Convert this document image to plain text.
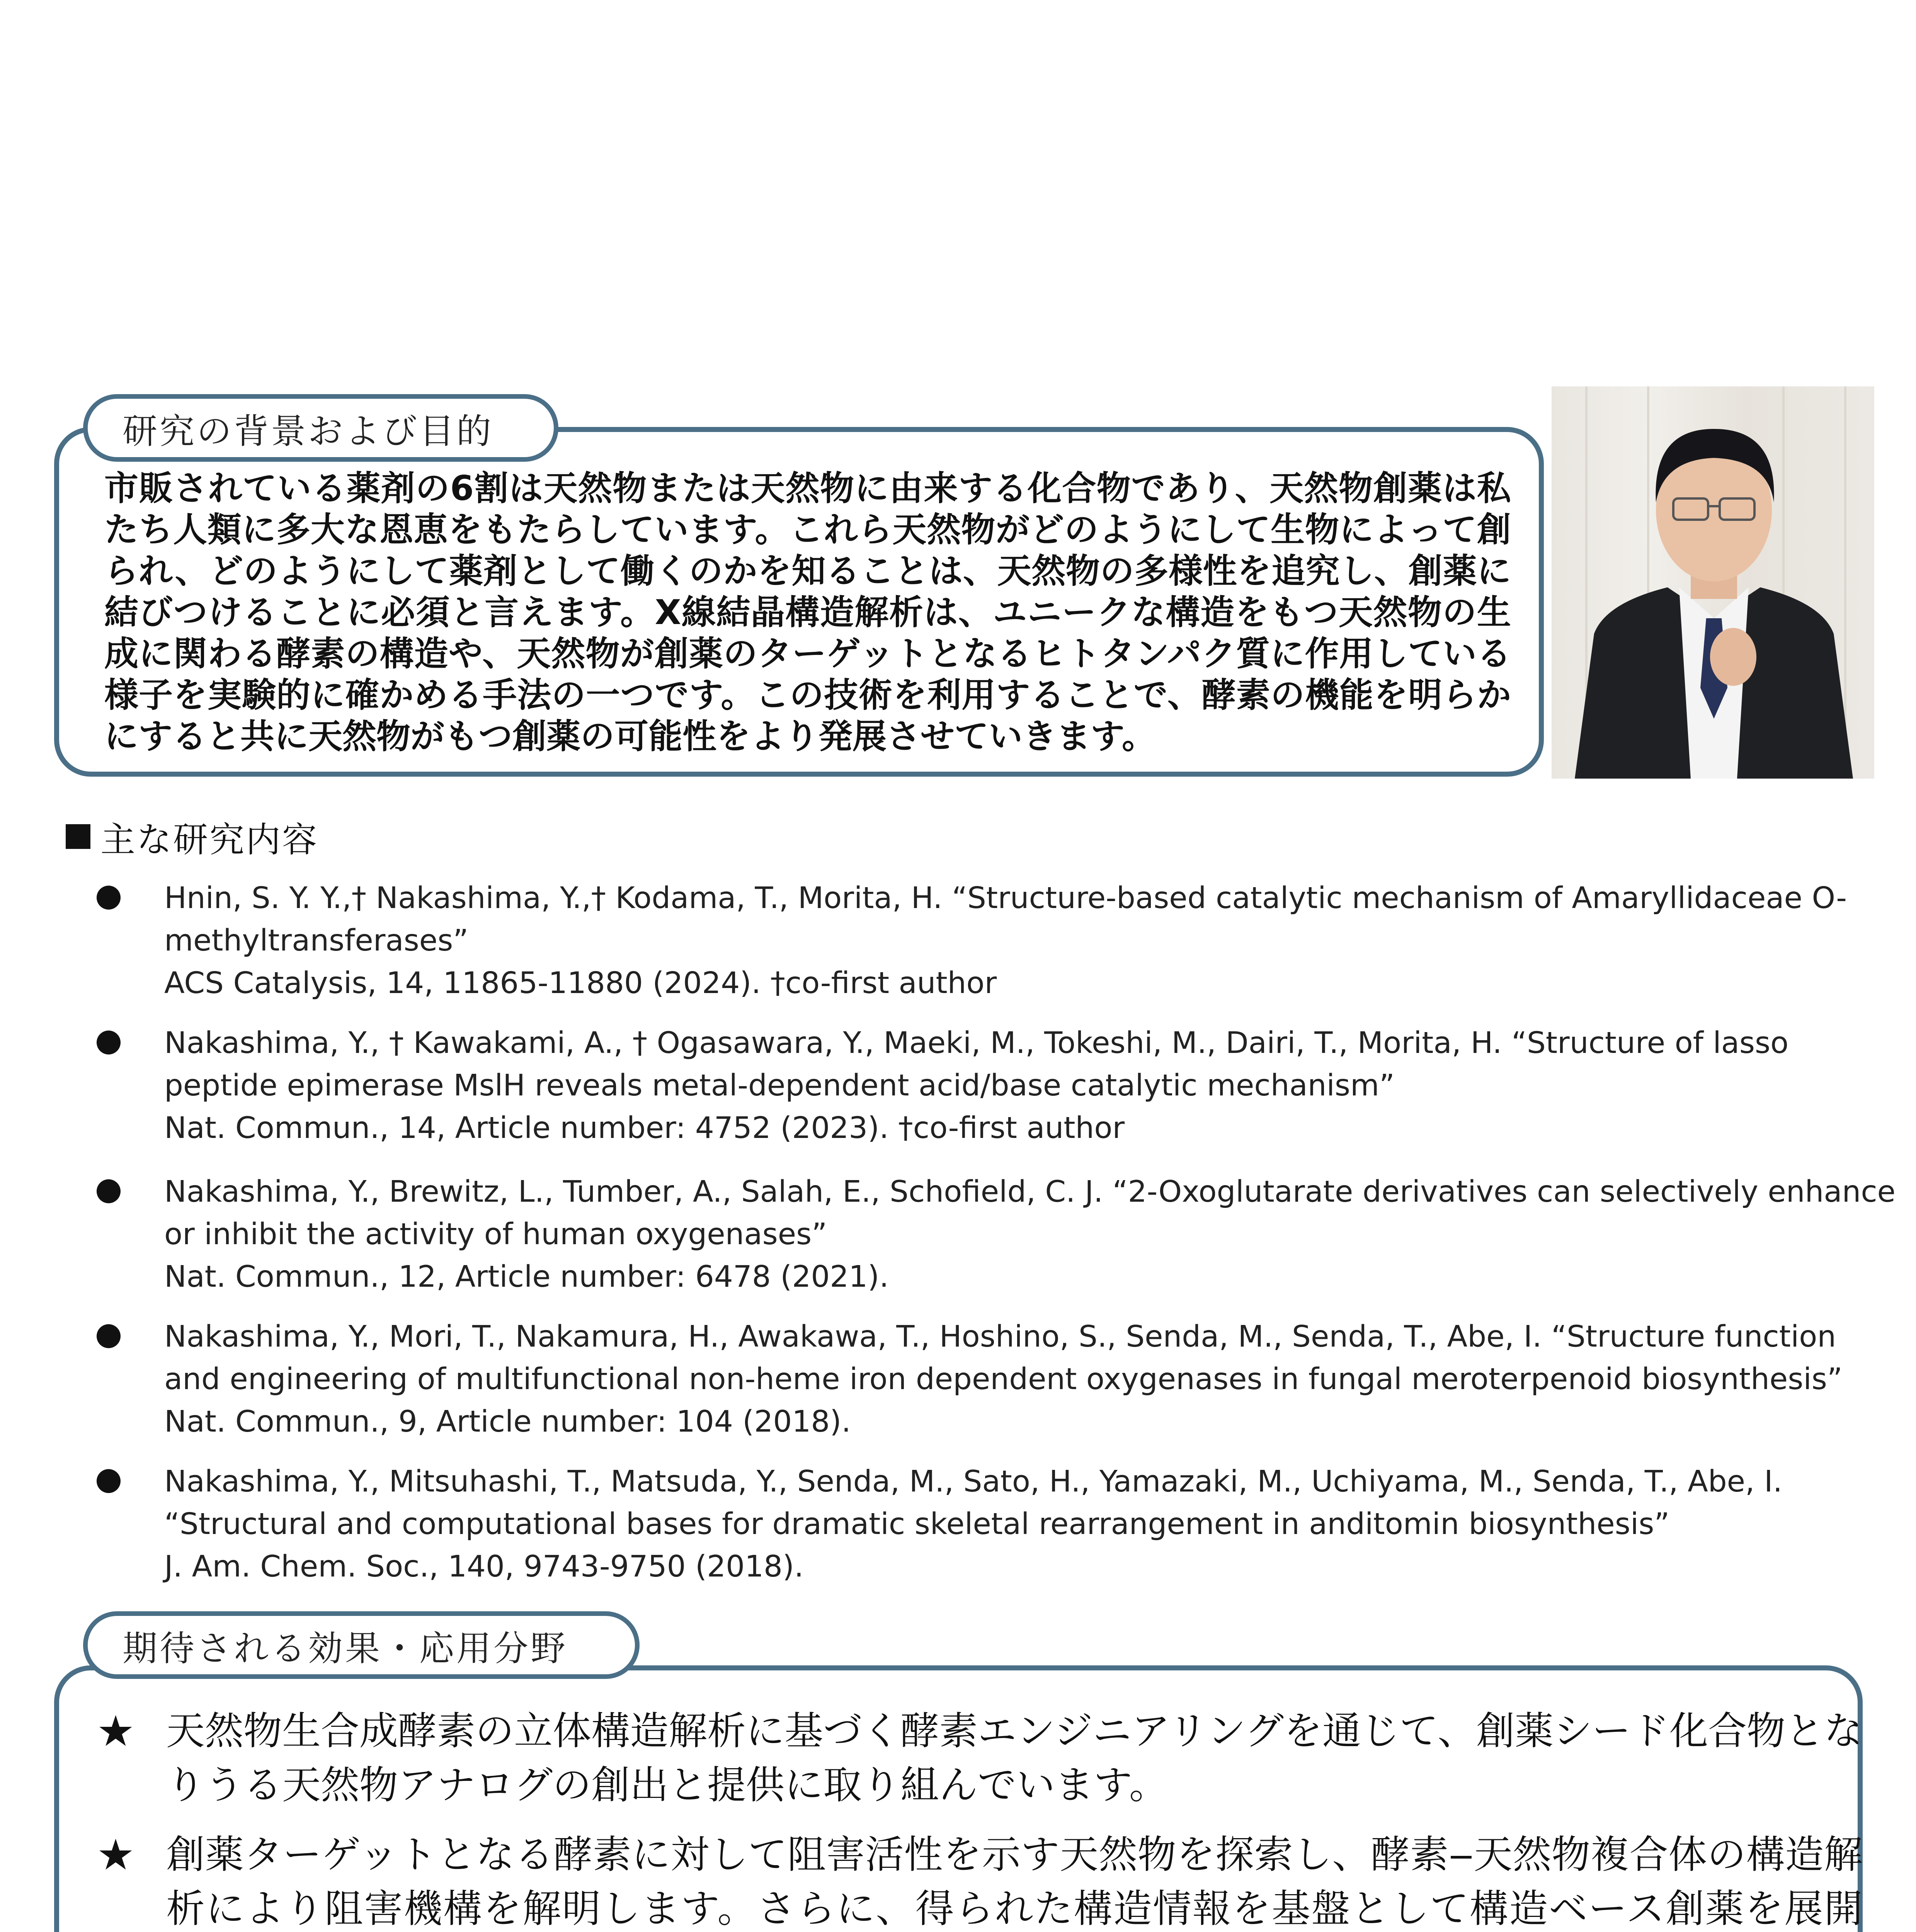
研究の背景および目的
市販されている薬剤の6割は天然物または天然物に由来する化合物であり、天然物創薬は私たち人類に多大な恩恵をもたらしています。これら天然物がどのようにして生物によって創られ、どのようにして薬剤として働くのかを知ることは、天然物の多様性を追究し、創薬に結びつけることに必須と言えます。X線結晶構造解析は、ユニークな構造をもつ天然物の生成に関わる酵素の構造や、天然物が創薬のターゲットとなるヒトタンパク質に作用している様子を実験的に確かめる手法の一つです。この技術を利用することで、酵素の機能を明らかにすると共に天然物がもつ創薬の可能性をより発展させていきます。
主な研究内容
Hnin, S. Y. Y.,† Nakashima, Y.,† Kodama, T., Morita, H. “Structure-based catalytic mechanism of Amaryllidaceae O-
methyltransferases”
ACS Catalysis, 14, 11865-11880 (2024). †co-first author
Nakashima, Y., † Kawakami, A., † Ogasawara, Y., Maeki, M., Tokeshi, M., Dairi, T., Morita, H. “Structure of lasso
peptide epimerase MslH reveals metal-dependent acid/base catalytic mechanism”
Nat. Commun., 14, Article number: 4752 (2023). †co-first author
Nakashima, Y., Brewitz, L., Tumber, A., Salah, E., Schofield, C. J. “2-Oxoglutarate derivatives can selectively enhance
or inhibit the activity of human oxygenases”
Nat. Commun., 12, Article number: 6478 (2021).
Nakashima, Y., Mori, T., Nakamura, H., Awakawa, T., Hoshino, S., Senda, M., Senda, T., Abe, I. “Structure function
and engineering of multifunctional non-heme iron dependent oxygenases in fungal meroterpenoid biosynthesis”
Nat. Commun., 9, Article number: 104 (2018).
Nakashima, Y., Mitsuhashi, T., Matsuda, Y., Senda, M., Sato, H., Yamazaki, M., Uchiyama, M., Senda, T., Abe, I.
“Structural and computational bases for dramatic skeletal rearrangement in anditomin biosynthesis”
J. Am. Chem. Soc., 140, 9743-9750 (2018).
期待される効果・応用分野
★ 天然物生合成酵素の立体構造解析に基づく酵素エンジニアリングを通じて、創薬シード化合物となりうる天然物アナログの創出と提供に取り組んでいます。
★ 創薬ターゲットとなる酵素に対して阻害活性を示す天然物を探索し、酵素‒天然物複合体の構造解析により阻害機構を解明します。さらに、得られた構造情報を基盤として構造ベース創薬を展開
